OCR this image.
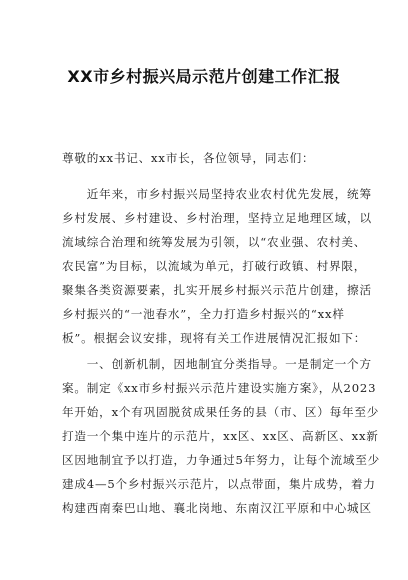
XX市乡村振兴局示范片创建工作汇报
尊敬的xx书记、xx市长，各位领导，同志们：
　　近年来，市乡村振兴局坚持农业农村优先发展，统筹
乡村发展、乡村建设、乡村治理，坚持立足地理区域，以
流域综合治理和统筹发展为引领，以“农业强、农村美、
农民富”为目标，以流域为单元，打破行政镇、村界限，
聚集各类资源要素，扎实开展乡村振兴示范片创建，擦活
乡村振兴的“一池春水”，全力打造乡村振兴的“xx样
板”。根据会议安排，现将有关工作进展情况汇报如下：
　　一、创新机制，因地制宜分类指导。一是制定一个方
案。制定《xx市乡村振兴示范片建设实施方案》，从2023
年开始，x个有巩固脱贫成果任务的县（市、区）每年至少
打造一个集中连片的示范片，xx区、xx区、高新区、xx新
区因地制宜予以打造，力争通过5年努力，让每个流域至少
建成4—5个乡村振兴示范片，以点带面，集片成势，着力
构建西南秦巴山地、襄北岗地、东南汉江平原和中心城区
